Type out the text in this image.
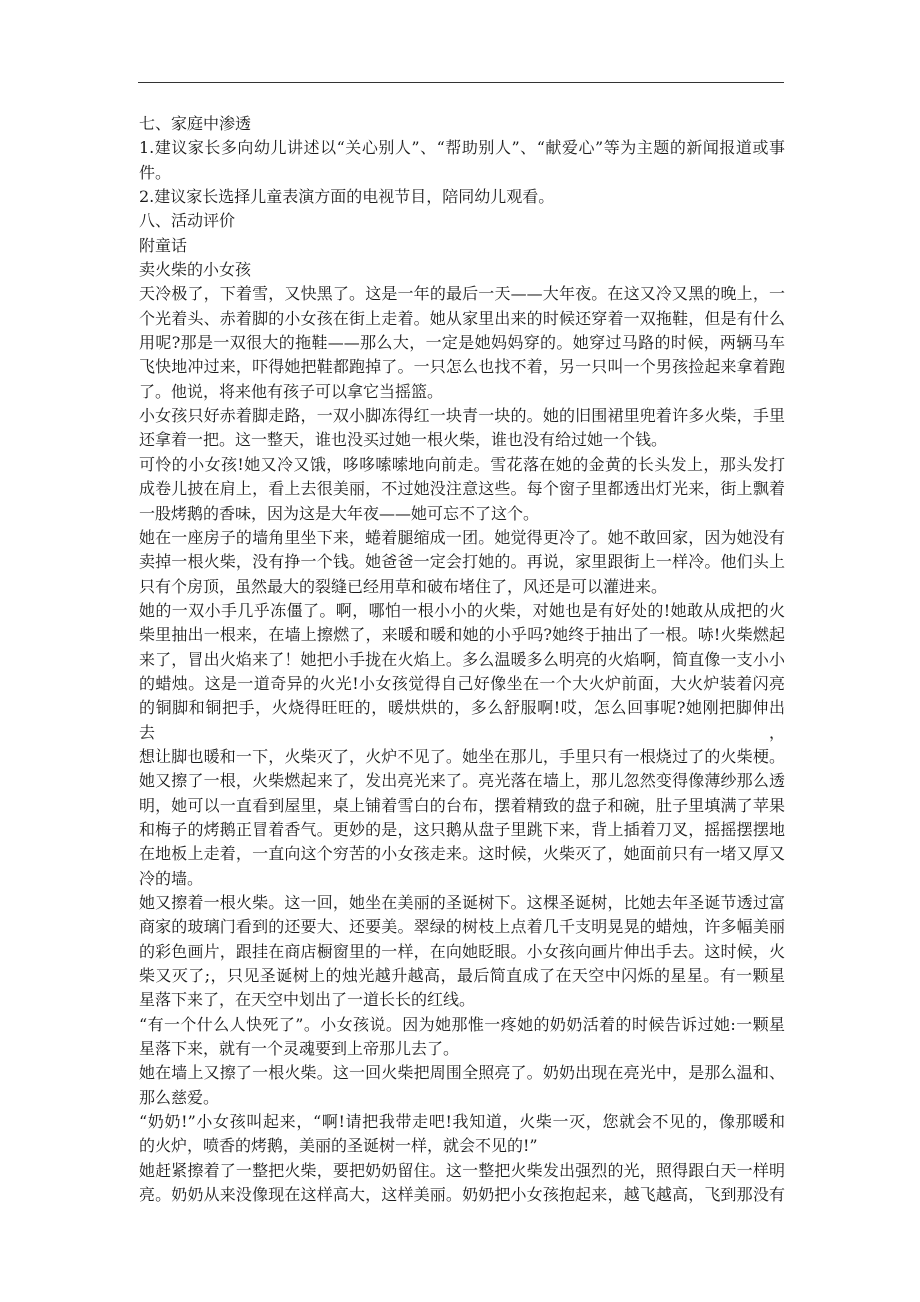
七、家庭中渗透
1.建议家长多向幼儿讲述以“关心别人”、“帮助别人”、“献爱心”等为主题的新闻报道或事
件。
2.建议家长选择儿童表演方面的电视节目，陪同幼儿观看。
八、活动评价
附童话
卖火柴的小女孩
天冷极了，下着雪，又快黑了。这是一年的最后一天——大年夜。在这又冷又黑的晚上，一
个光着头、赤着脚的小女孩在街上走着。她从家里出来的时候还穿着一双拖鞋，但是有什么
用呢?那是一双很大的拖鞋——那么大，一定是她妈妈穿的。她穿过马路的时候，两辆马车
飞快地冲过来，吓得她把鞋都跑掉了。一只怎么也找不着，另一只叫一个男孩捡起来拿着跑
了。他说，将来他有孩子可以拿它当摇篮。
小女孩只好赤着脚走路，一双小脚冻得红一块青一块的。她的旧围裙里兜着许多火柴，手里
还拿着一把。这一整天，谁也没买过她一根火柴，谁也没有给过她一个钱。
可怜的小女孩!她又冷又饿，哆哆嗦嗦地向前走。雪花落在她的金黄的长头发上，那头发打
成卷儿披在肩上，看上去很美丽，不过她没注意这些。每个窗子里都透出灯光来，街上飘着
一股烤鹅的香味，因为这是大年夜——她可忘不了这个。
她在一座房子的墙角里坐下来，蜷着腿缩成一团。她觉得更冷了。她不敢回家，因为她没有
卖掉一根火柴，没有挣一个钱。她爸爸一定会打她的。再说，家里跟街上一样冷。他们头上
只有个房顶，虽然最大的裂缝已经用草和破布堵住了，风还是可以灌进来。
她的一双小手几乎冻僵了。啊，哪怕一根小小的火柴，对她也是有好处的!她敢从成把的火
柴里抽出一根来，在墙上擦燃了，来暖和暖和她的小乎吗?她终于抽出了一根。哧!火柴燃起
来了，冒出火焰来了！她把小手拢在火焰上。多么温暖多么明亮的火焰啊，简直像一支小小
的蜡烛。这是一道奇异的火光!小女孩觉得自己好像坐在一个大火炉前面，大火炉装着闪亮
的铜脚和铜把手，火烧得旺旺的，暖烘烘的，多么舒服啊!哎，怎么回事呢?她刚把脚伸出去，
想让脚也暖和一下，火柴灭了，火炉不见了。她坐在那儿，手里只有一根烧过了的火柴梗。
她又擦了一根，火柴燃起来了，发出亮光来了。亮光落在墙上，那儿忽然变得像薄纱那么透
明，她可以一直看到屋里，桌上铺着雪白的台布，摆着精致的盘子和碗，肚子里填满了苹果
和梅子的烤鹅正冒着香气。更妙的是，这只鹅从盘子里跳下来，背上插着刀叉，摇摇摆摆地
在地板上走着，一直向这个穷苦的小女孩走来。这时候，火柴灭了，她面前只有一堵又厚又
冷的墙。
她又擦着一根火柴。这一回，她坐在美丽的圣诞树下。这棵圣诞树，比她去年圣诞节透过富
商家的玻璃门看到的还要大、还要美。翠绿的树枝上点着几千支明晃晃的蜡烛，许多幅美丽
的彩色画片，跟挂在商店橱窗里的一样，在向她眨眼。小女孩向画片伸出手去。这时候，火
柴又灭了;，只见圣诞树上的烛光越升越高，最后简直成了在天空中闪烁的星星。有一颗星
星落下来了，在天空中划出了一道长长的红线。
“有一个什么人快死了”。小女孩说。因为她那惟一疼她的奶奶活着的时候告诉过她:一颗星
星落下来，就有一个灵魂要到上帝那儿去了。
她在墙上又擦了一根火柴。这一回火柴把周围全照亮了。奶奶出现在亮光中，是那么温和、
那么慈爱。
“奶奶!”小女孩叫起来，“啊!请把我带走吧!我知道，火柴一灭，您就会不见的，像那暖和
的火炉，喷香的烤鹅，美丽的圣诞树一样，就会不见的!”
她赶紧擦着了一整把火柴，要把奶奶留住。这一整把火柴发出强烈的光，照得跟白天一样明
亮。奶奶从来没像现在这样高大，这样美丽。奶奶把小女孩抱起来，越飞越高，飞到那没有
